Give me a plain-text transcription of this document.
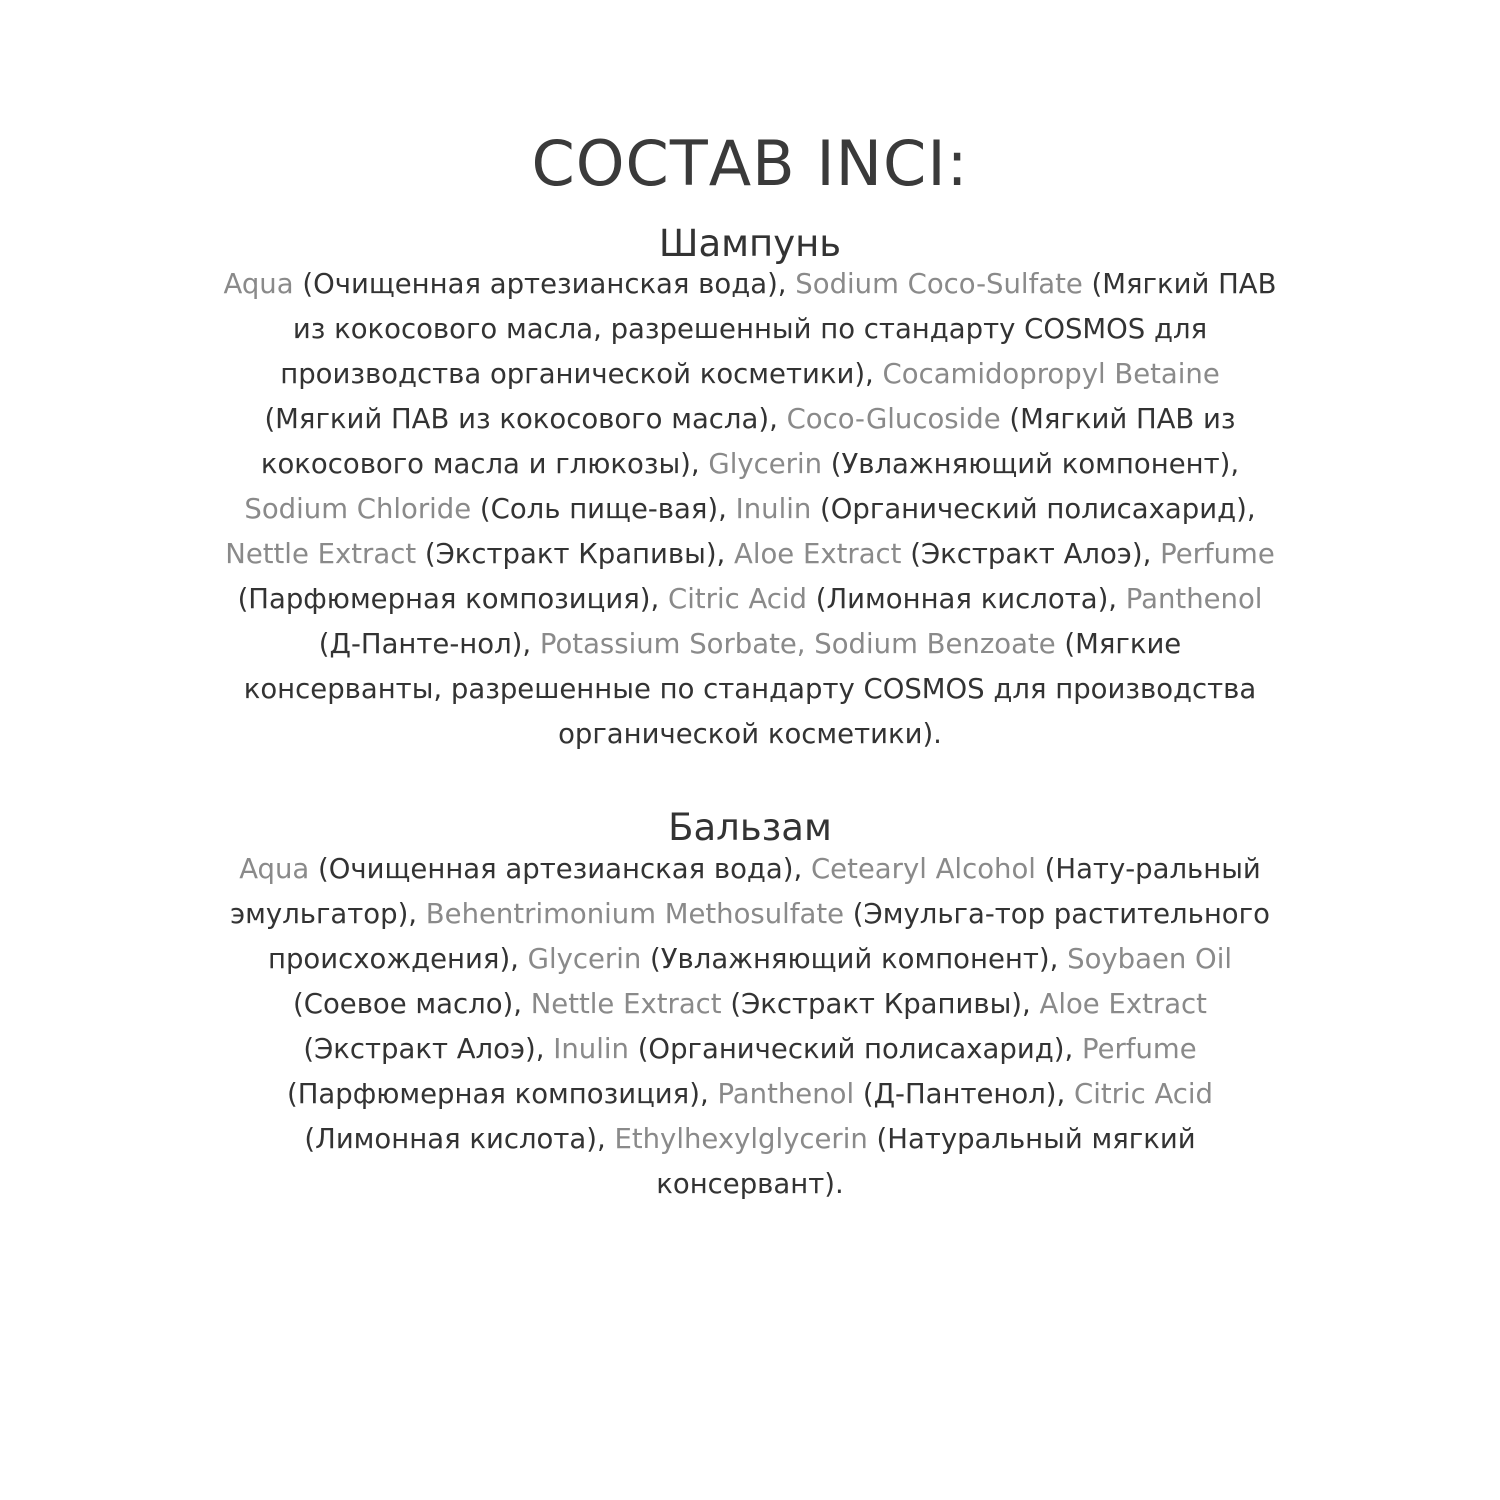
СОСТАВ INCI:
Шампунь

Aqua (Очищенная артезианская вода), Sodium Coco-Sulfate (Мягкий ПАВ из кокосового масла, разрешенный по стандарту COSMOS для производства органической косметики), Cocamidopropyl Betaine (Мягкий ПАВ из кокосового масла), Coco-Glucoside (Мягкий ПАВ из кокосового масла и глюкозы), Glycerin (Увлажняющий компонент), Sodium Chloride (Соль пище-вая), Inulin (Органический полисахарид), Nettle Extract (Экстракт Крапивы), Aloe Extract (Экстракт Алоэ), Perfume (Парфюмерная композиция), Citric Acid (Лимонная кислота), Panthenol (Д-Панте-нол), Potassium Sorbate, Sodium Benzoate (Мягкие консерванты, разрешенные по стандарту COSMOS для производства органической косметики).

Бальзам

Aqua (Очищенная артезианская вода), Cetearyl Alcohol (Нату-ральный эмульгатор), Behentrimonium Methosulfate (Эмульга-тор растительного происхождения), Glycerin (Увлажняющий компонент), Soybaen Oil (Соевое масло), Nettle Extract (Экстракт Крапивы), Aloe Extract (Экстракт Алоэ), Inulin (Органический полисахарид), Perfume (Парфюмерная композиция), Panthenol (Д-Пантенол), Citric Acid (Лимонная кислота), Ethylhexylglycerin (Натуральный мягкий консервант).
